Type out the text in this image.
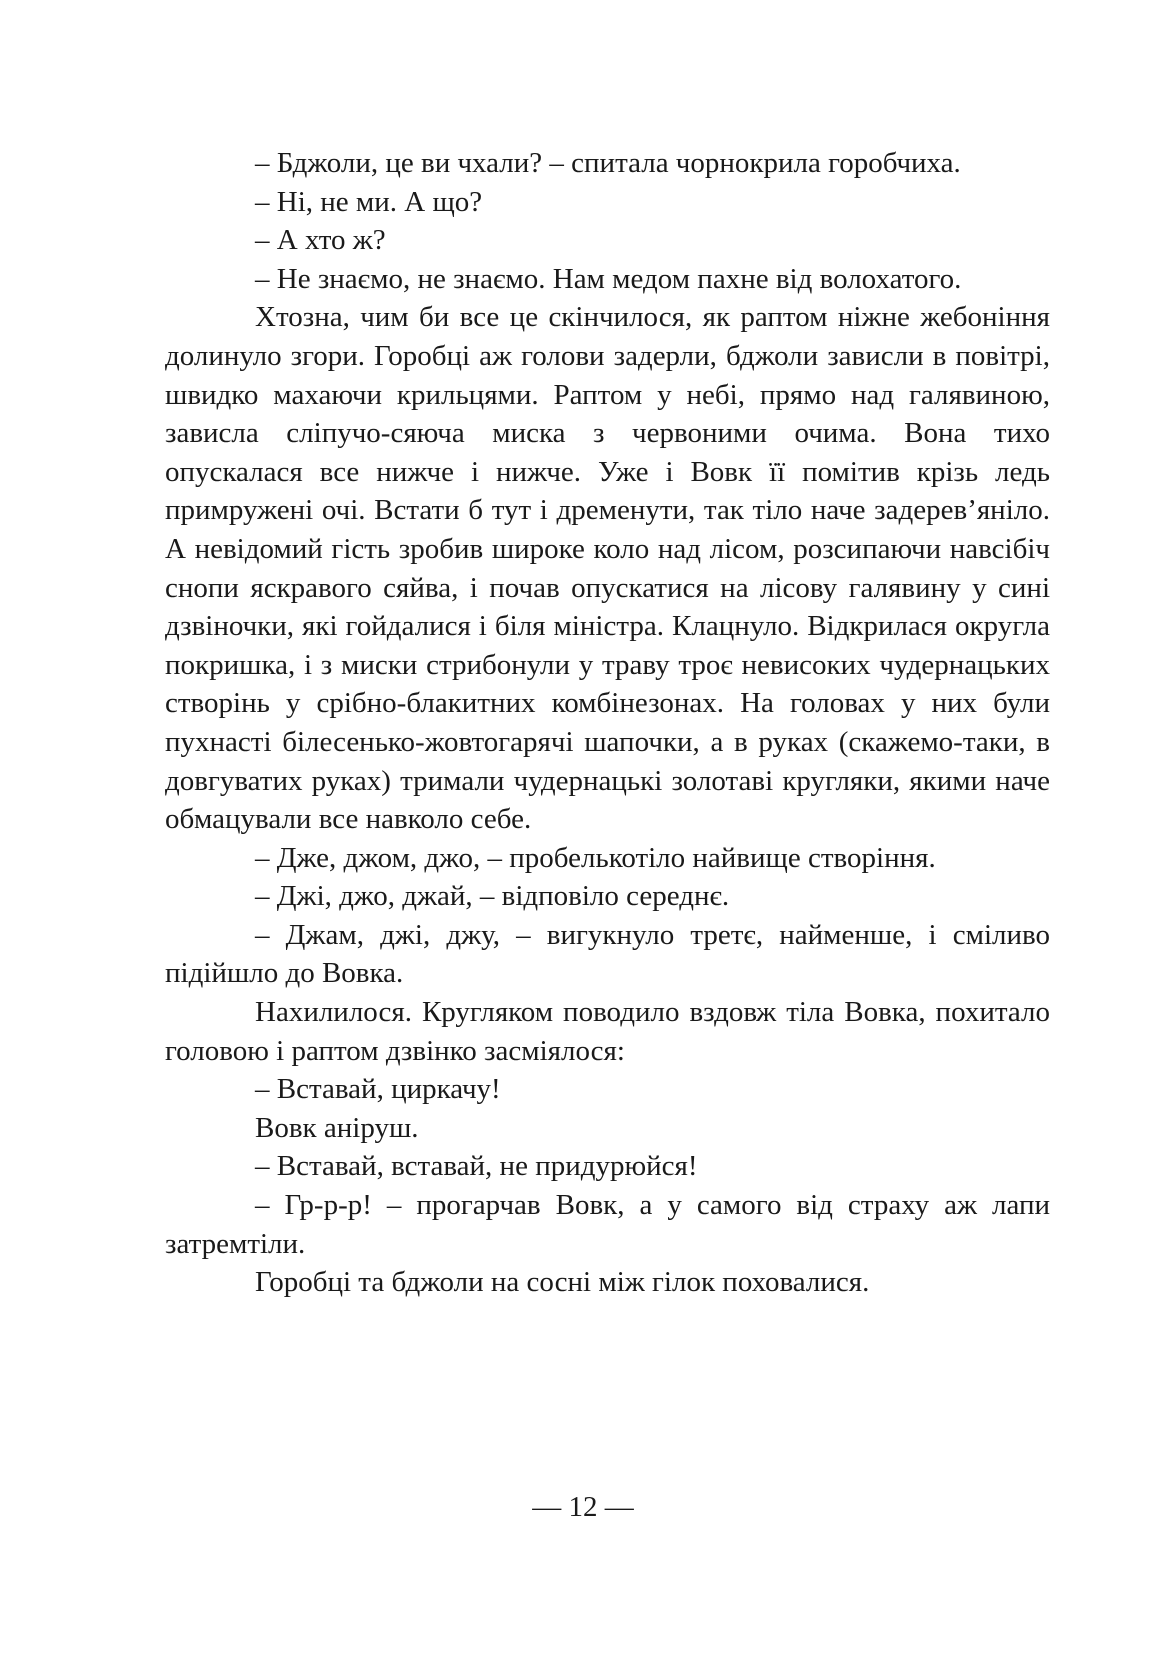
– Бджоли, це ви чхали? – спитала чорнокрила горобчиха.

– Ні, не ми. А що?

– А хто ж?

– Не знаємо, не знаємо. Нам медом пахне від волохатого.

Хтозна, чим би все це скінчилося, як раптом ніжне жебоніння долинуло згори. Горобці аж голови задерли, бджоли зависли в повітрі, швидко махаючи крильцями. Раптом у небі, прямо над галявиною, зависла сліпучо-сяюча миска з червоними очима. Вона тихо опускалася все нижче і нижче. Уже і Вовк її помітив крізь ледь примружені очі. Встати б тут і дременути, так тіло наче задерев’яніло. А невідомий гість зробив широке коло над лісом, розсипаючи навсібіч снопи яскравого сяйва, і почав опускатися на лісову галявину у сині дзвіночки, які гойдалися і біля міністра. Клацнуло. Відкрилася округла покришка, і з миски стрибонули у траву троє невисоких чудернацьких створінь у срібно-блакитних комбінезонах. На головах у них були пухнасті білесенько-жовтогарячі шапочки, а в руках (скажемо-таки, в довгуватих руках) тримали чудернацькі золотаві кругляки, якими наче обмацували все навколо себе.

– Дже, джом, джо, – пробелькотіло найвище створіння.

– Джі, джо, джай, – відповіло середнє.

– Джам, джі, джу, – вигукнуло третє, найменше, і сміливо підійшло до Вовка.

Нахилилося. Кругляком поводило вздовж тіла Вовка, похитало головою і раптом дзвінко засміялося:

– Вставай, циркачу!

Вовк аніруш.

– Вставай, вставай, не придурюйся!

– Гр-р-р! – прогарчав Вовк, а у самого від страху аж лапи затремтіли.

Горобці та бджоли на сосні між гілок поховалися.

— 12 —
